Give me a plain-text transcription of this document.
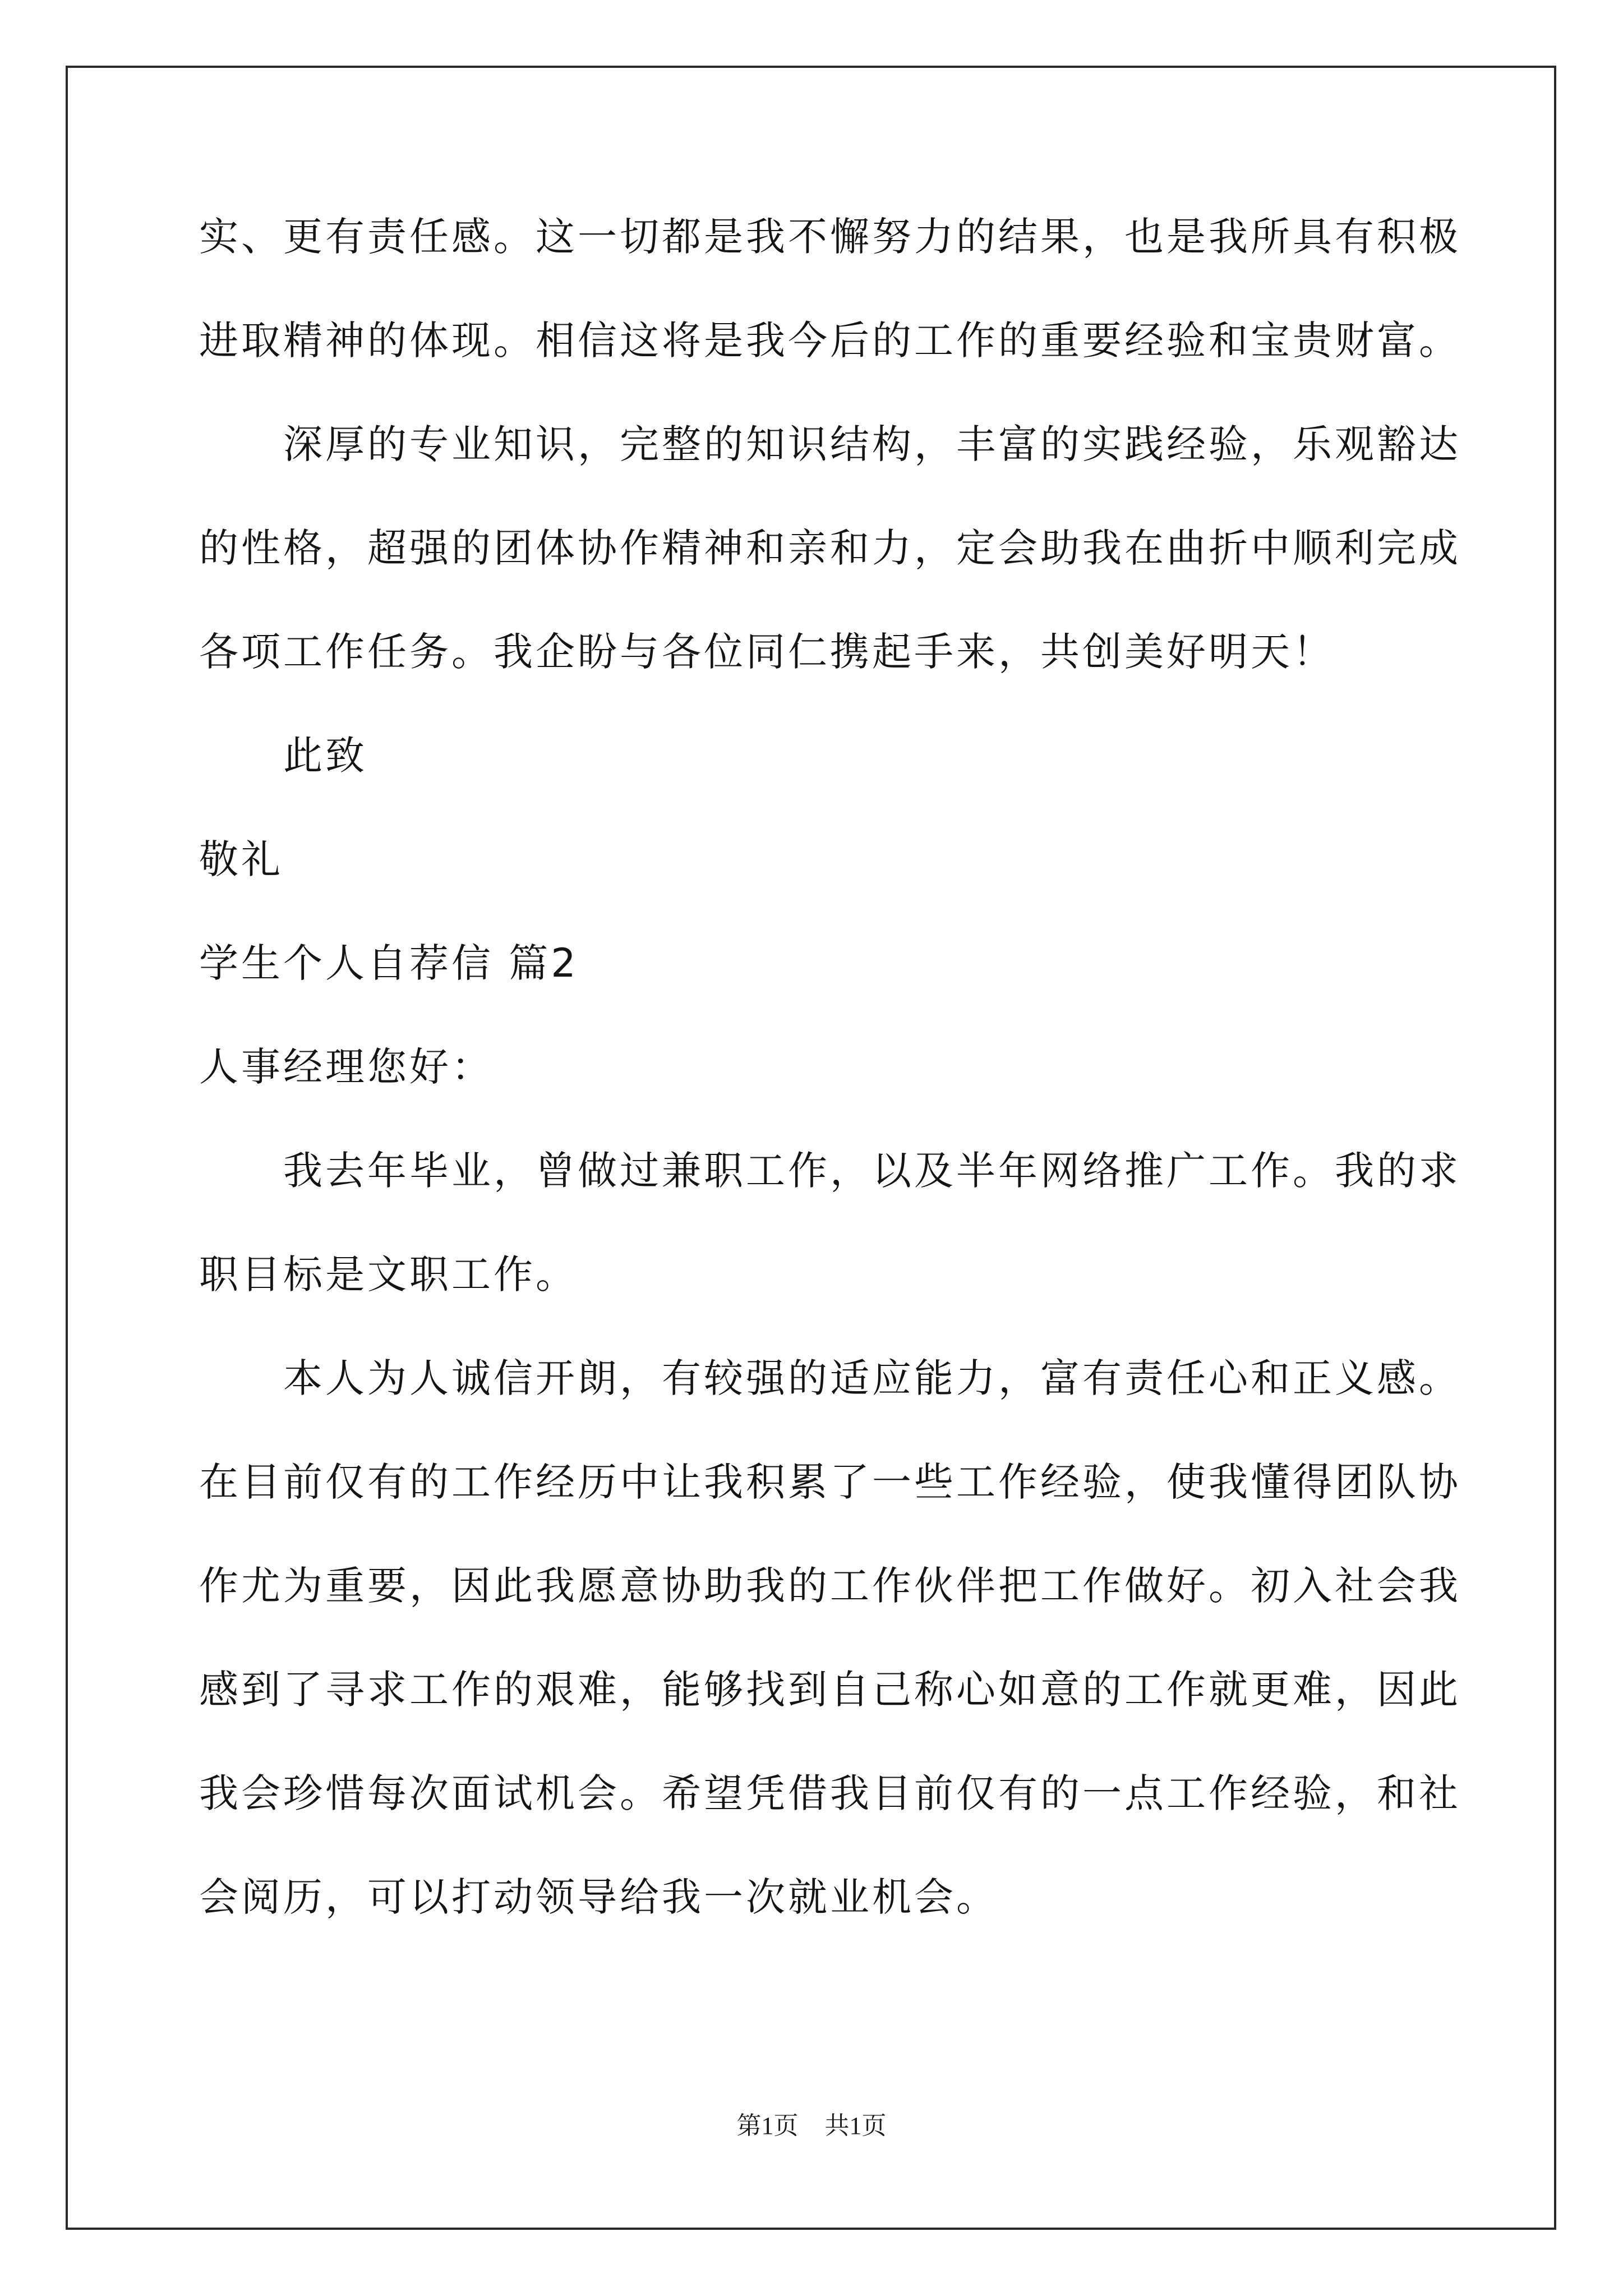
实、更有责任感。这一切都是我不懈努力的结果，也是我所具有积极
进取精神的体现。相信这将是我今后的工作的重要经验和宝贵财富。
　　深厚的专业知识，完整的知识结构，丰富的实践经验，乐观豁达
的性格，超强的团体协作精神和亲和力，定会助我在曲折中顺利完成
各项工作任务。我企盼与各位同仁携起手来，共创美好明天！
　　此致
敬礼
学生个人自荐信 篇2
人事经理您好：
　　我去年毕业，曾做过兼职工作，以及半年网络推广工作。我的求
职目标是文职工作。
　　本人为人诚信开朗，有较强的适应能力，富有责任心和正义感。
在目前仅有的工作经历中让我积累了一些工作经验，使我懂得团队协
作尤为重要，因此我愿意协助我的工作伙伴把工作做好。初入社会我
感到了寻求工作的艰难，能够找到自己称心如意的工作就更难，因此
我会珍惜每次面试机会。希望凭借我目前仅有的一点工作经验，和社
会阅历，可以打动领导给我一次就业机会。
第1页 共1页
